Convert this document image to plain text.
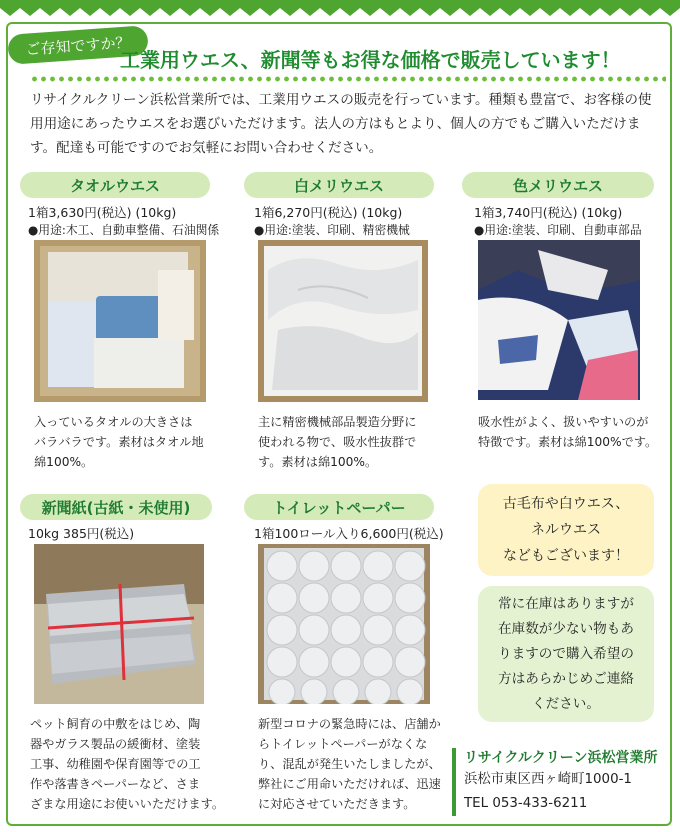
ご存知ですか？
工業用ウエス、新聞等もお得な価格で販売しています！
リサイクルクリーン浜松営業所では、工業用ウエスの販売を行っています。種類も豊富で、お客様の使用用途にあったウエスをお選びいただけます。法人の方はもとより、個人の方でもご購入いただけます。配達も可能ですのでお気軽にお問い合わせください。
タオルウエス
1箱3,630円(税込) (10kg)
●用途:木工、自動車整備、石油関係
入っているタオルの大きさは
バラバラです。素材はタオル地
綿100%。
白メリウエス
1箱6,270円(税込) (10kg)
●用途:塗装、印刷、精密機械
主に精密機械部品製造分野に
使われる物で、吸水性抜群で
す。素材は綿100%。
色メリウエス
1箱3,740円(税込) (10kg)
●用途:塗装、印刷、自動車部品
吸水性がよく、扱いやすいのが
特徴です。素材は綿100%です。
新聞紙(古紙・未使用)
10kg 385円(税込)
ペット飼育の中敷をはじめ、陶
器やガラス製品の緩衝材、塗装
工事、幼稚園や保育園等での工
作や落書きペーパーなど、さま
ざまな用途にお使いいただけます。
トイレットペーパー
1箱100ロール入り6,600円(税込)
新型コロナの緊急時には、店舗か
らトイレットペーパーがなくな
り、混乱が発生いたしましたが、
弊社にご用命いただければ、迅速
に対応させていただきます。
古毛布や白ウエス、
ネルウエス
などもございます！
常に在庫はありますが
在庫数が少ない物もあ
りますので購入希望の
方はあらかじめご連絡
ください。
リサイクルクリーン浜松営業所
浜松市東区西ヶ崎町1000-1
TEL 053-433-6211
